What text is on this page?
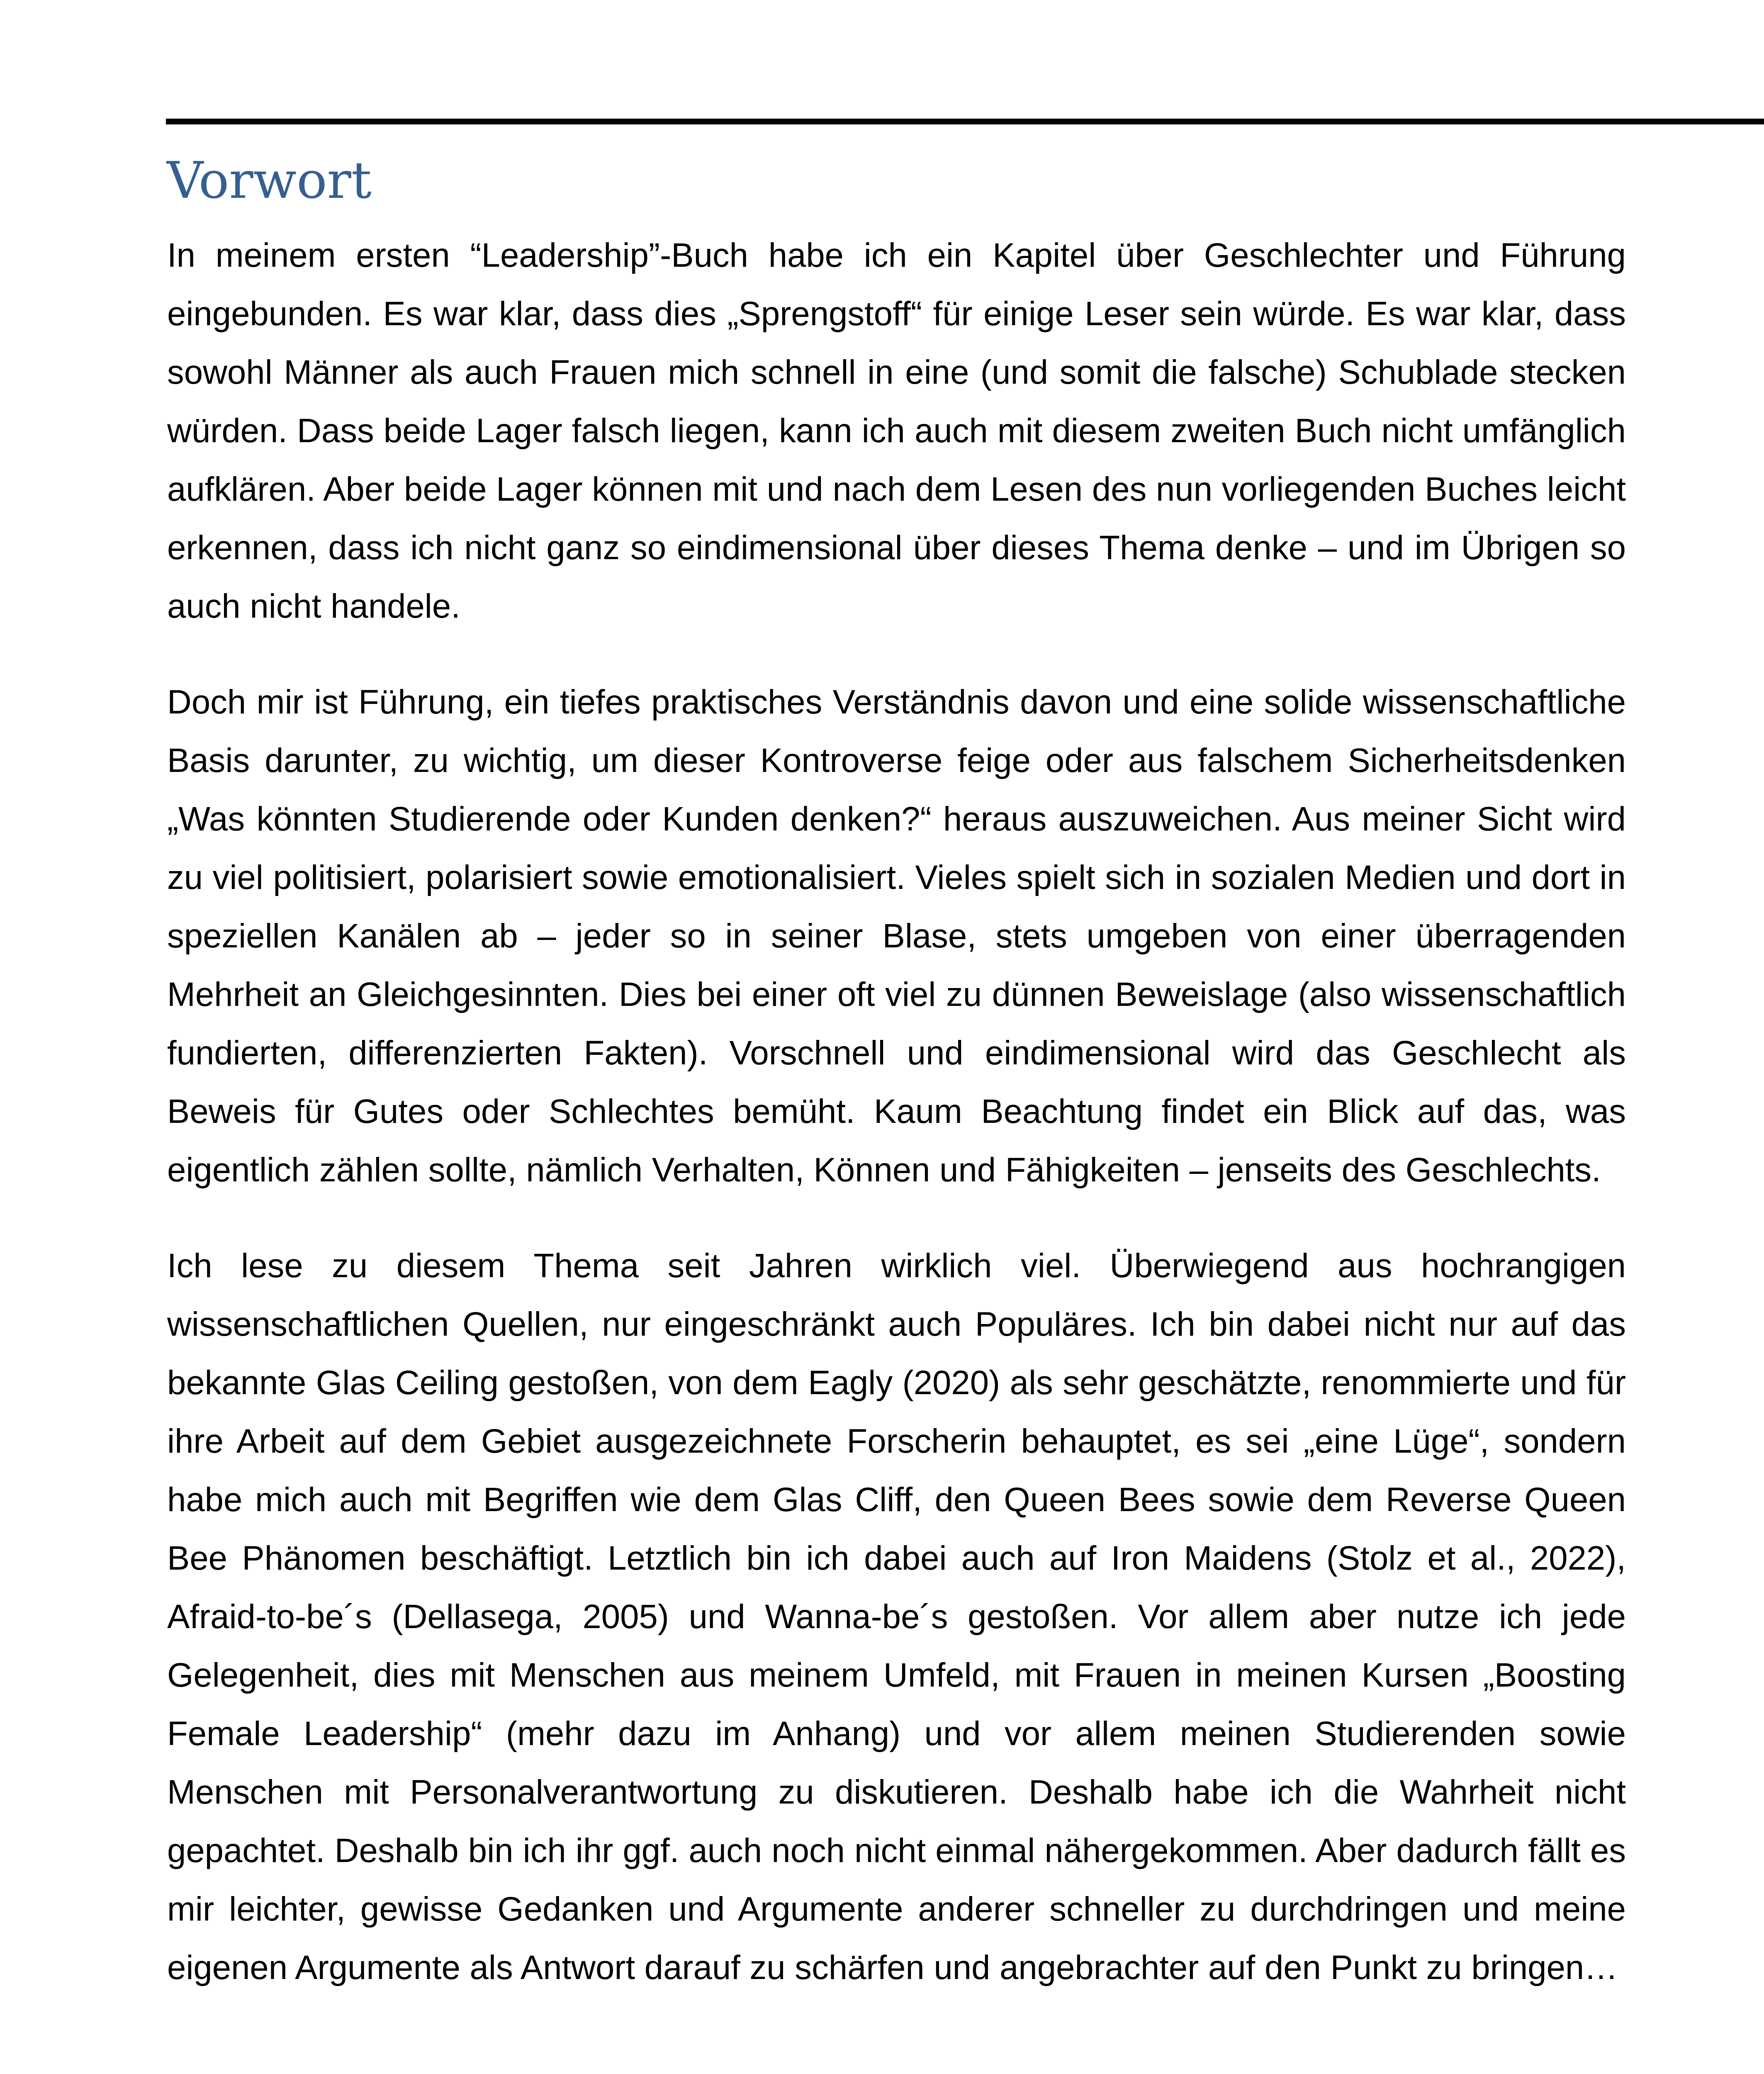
Vorwort

In meinem ersten “Leadership”-Buch habe ich ein Kapitel über Geschlechter und Führung eingebunden. Es war klar, dass dies „Sprengstoff“ für einige Leser sein würde. Es war klar, dass sowohl Männer als auch Frauen mich schnell in eine (und somit die falsche) Schublade stecken würden. Dass beide Lager falsch liegen, kann ich auch mit diesem zweiten Buch nicht umfänglich aufklären. Aber beide Lager können mit und nach dem Lesen des nun vorliegenden Buches leicht erkennen, dass ich nicht ganz so eindimensional über dieses Thema denke – und im Übrigen so auch nicht handele.

Doch mir ist Führung, ein tiefes praktisches Verständnis davon und eine solide wissenschaftliche Basis darunter, zu wichtig, um dieser Kontroverse feige oder aus falschem Sicherheitsdenken „Was könnten Studierende oder Kunden denken?“ heraus auszuweichen. Aus meiner Sicht wird zu viel politisiert, polarisiert sowie emotionalisiert. Vieles spielt sich in sozialen Medien und dort in speziellen Kanälen ab – jeder so in seiner Blase, stets umgeben von einer überragenden Mehrheit an Gleichgesinnten. Dies bei einer oft viel zu dünnen Beweislage (also wissenschaftlich fundierten, differenzierten Fakten). Vorschnell und eindimensional wird das Geschlecht als Beweis für Gutes oder Schlechtes bemüht. Kaum Beachtung findet ein Blick auf das, was eigentlich zählen sollte, nämlich Verhalten, Können und Fähigkeiten – jenseits des Geschlechts.

Ich lese zu diesem Thema seit Jahren wirklich viel. Überwiegend aus hochrangigen wissenschaftlichen Quellen, nur eingeschränkt auch Populäres. Ich bin dabei nicht nur auf das bekannte Glas Ceiling gestoßen, von dem Eagly (2020) als sehr geschätzte, renommierte und für ihre Arbeit auf dem Gebiet ausgezeichnete Forscherin behauptet, es sei „eine Lüge“, sondern habe mich auch mit Begriffen wie dem Glas Cliff, den Queen Bees sowie dem Reverse Queen Bee Phänomen beschäftigt. Letztlich bin ich dabei auch auf Iron Maidens (Stolz et al., 2022), Afraid-to-be´s (Dellasega, 2005) und Wanna-be´s gestoßen. Vor allem aber nutze ich jede Gelegenheit, dies mit Menschen aus meinem Umfeld, mit Frauen in meinen Kursen „Boosting Female Leadership“ (mehr dazu im Anhang) und vor allem meinen Studierenden sowie Menschen mit Personalverantwortung zu diskutieren. Deshalb habe ich die Wahrheit nicht gepachtet. Deshalb bin ich ihr ggf. auch noch nicht einmal nähergekommen. Aber dadurch fällt es mir leichter, gewisse Gedanken und Argumente anderer schneller zu durchdringen und meine eigenen Argumente als Antwort darauf zu schärfen und angebrachter auf den Punkt zu bringen…
